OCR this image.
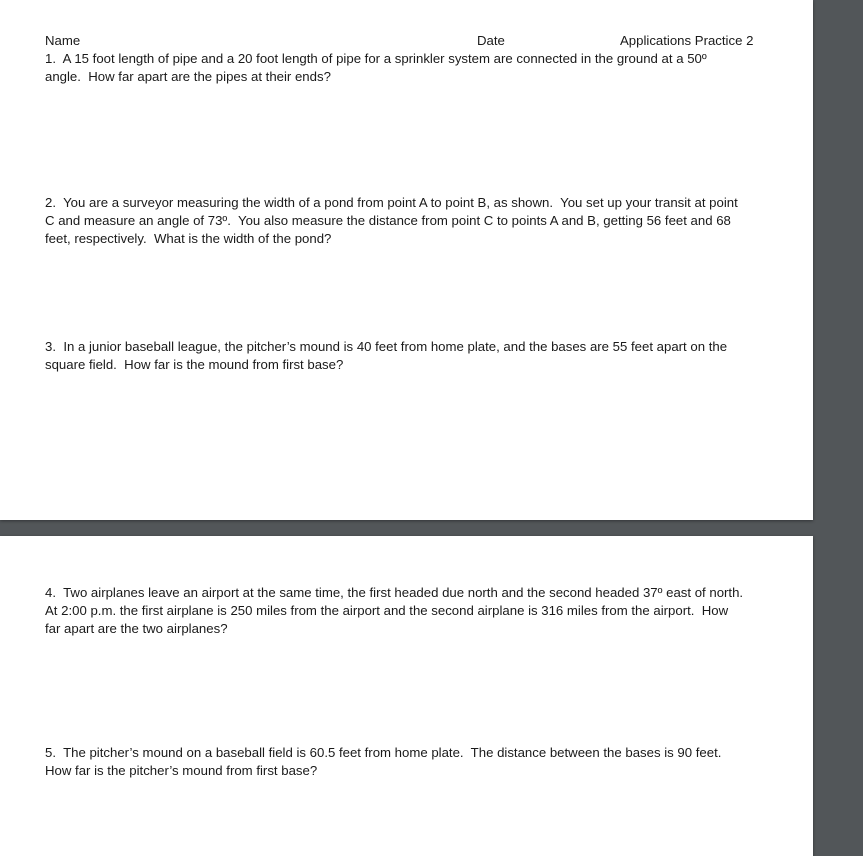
Name	Date	Applications Practice 2
1.  A 15 foot length of pipe and a 20 foot length of pipe for a sprinkler system are connected in the ground at a 50º
angle.  How far apart are the pipes at their ends?
2.  You are a surveyor measuring the width of a pond from point A to point B, as shown.  You set up your transit at point
C and measure an angle of 73º.  You also measure the distance from point C to points A and B, getting 56 feet and 68
feet, respectively.  What is the width of the pond?
3.  In a junior baseball league, the pitcher’s mound is 40 feet from home plate, and the bases are 55 feet apart on the
square field.  How far is the mound from first base?
4.  Two airplanes leave an airport at the same time, the first headed due north and the second headed 37º east of north.
At 2:00 p.m. the first airplane is 250 miles from the airport and the second airplane is 316 miles from the airport.  How
far apart are the two airplanes?
5.  The pitcher’s mound on a baseball field is 60.5 feet from home plate.  The distance between the bases is 90 feet.
How far is the pitcher’s mound from first base?
